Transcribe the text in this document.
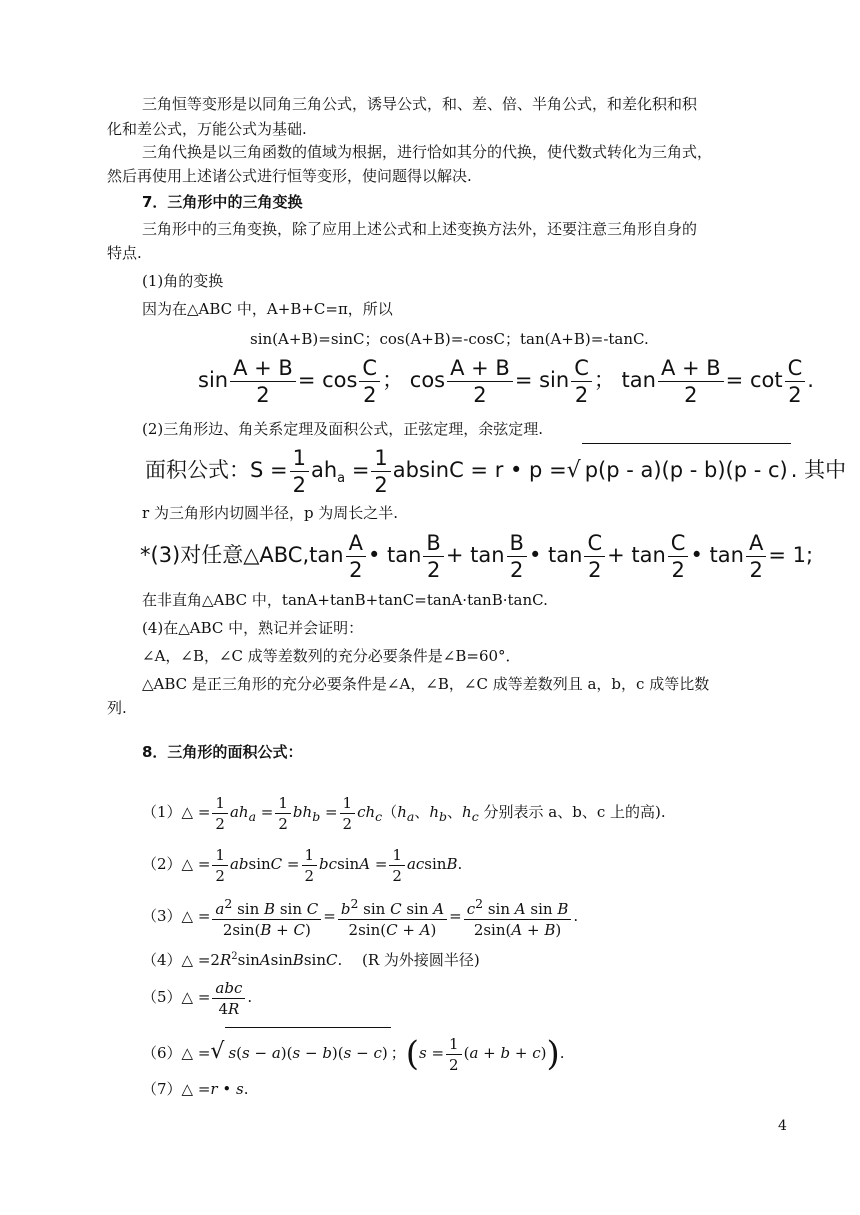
三角恒等变形是以同角三角公式，诱导公式，和、差、倍、半角公式，和差化积和积
化和差公式，万能公式为基础.
三角代换是以三角函数的值域为根据，进行恰如其分的代换，使代数式转化为三角式，
然后再使用上述诸公式进行恒等变形，使问题得以解决.
7．三角形中的三角变换
三角形中的三角变换，除了应用上述公式和上述变换方法外，还要注意三角形自身的
特点.
(1)角的变换
因为在△ABC 中，A+B+C=π，所以
sin(A+B)=sinC；cos(A+B)=-cosC；tan(A+B)=-tanC.
$\sin \frac{A + B}{2} = \cos \frac{C}{2}$ ； $\cos \frac{A + B}{2} = \sin \frac{C}{2}$ ； $\tan \frac{A + B}{2} = \cot \frac{C}{2}$ .
(2)三角形边、角关系定理及面积公式，正弦定理，余弦定理.
面积公式：$S = \frac{1}{2} ah_a = \frac{1}{2}$ absinC = r • p =√ p(p - a)(p - b)(p - c) . 其中
r 为三角形内切圆半径，p 为周长之半.
*(3)对任意△ABC,tan $\frac{A}{2}$ • $\tan \frac{B}{2} + \tan \frac{B}{2}$ • $\tan \frac{C}{2} + \tan \frac{C}{2}$ • $\tan \frac{A}{2} = 1$;
在非直角△ABC 中，tanA+tanB+tanC=tanA·tanB·tanC.
(4)在△ABC 中，熟记并会证明：
∠A，∠B，∠C 成等差数列的充分必要条件是∠B=60°．
△ABC 是正三角形的充分必要条件是∠A，∠B，∠C 成等差数列且 a，b，c 成等比数
列.
8．三角形的面积公式：
（1）△ = $\frac{1}{2} ah_a = \frac{1}{2} bh_b = \frac{1}{2} ch_c(h_a$、$h_b$、$h_c$ 分别表示 a、b、c 上的高).
（2）△ = $\frac{1}{2}$ $absinC = \frac{1}{2}$ $bcsinA = \frac{1}{2} acsinB$.
（3）△ = $\frac{a^2 \sin B \sin C}{2\sin(B + C)} = \frac{b^2 \sin C \sin A}{2\sin(C + A)} = \frac{c^2 \sin A \sin B}{2\sin(A + B)}$ .
（4）△ $=2R^2sinAsinBsinC$.　 (R 为外接圆半径)
（5）△ = $\frac{\text{abc}}{4R}$ .
（6）△ =√ s(s − a)(s − b)(s − c) ；$(s = \frac{1}{2} (a + b + c))$.
（7）△ =r • s.
4
